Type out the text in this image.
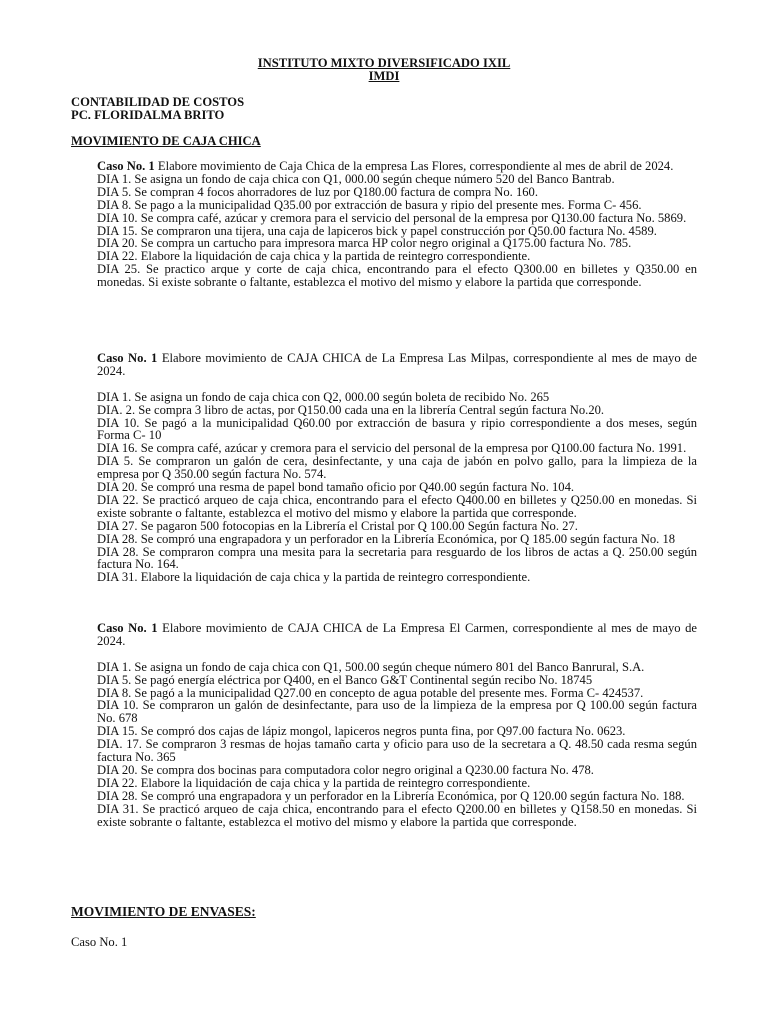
INSTITUTO MIXTO DIVERSIFICADO IXIL
IMDI
CONTABILIDAD DE COSTOS
PC. FLORIDALMA BRITO
MOVIMIENTO DE CAJA CHICA

Caso No. 1 Elabore movimiento de Caja Chica de la empresa Las Flores, correspondiente al mes de abril de 2024.

DIA 1. Se asigna un fondo de caja chica con Q1, 000.00 según cheque número 520 del Banco Bantrab.

DIA 5. Se compran 4 focos ahorradores de luz por Q180.00 factura de compra No. 160.

DIA 8. Se pago a la municipalidad Q35.00 por extracción de basura y ripio del presente mes. Forma C- 456.

DIA 10. Se compra café, azúcar y cremora para el servicio del personal de la empresa por Q130.00 factura No. 5869.

DIA 15. Se compraron una tijera, una caja de lapiceros bick y papel construcción por Q50.00 factura No. 4589.

DIA 20. Se compra un cartucho para impresora marca HP color negro original a Q175.00 factura No. 785.

DIA 22. Elabore la liquidación de caja chica y la partida de reintegro correspondiente.

DIA 25. Se practico arque y corte de caja chica, encontrando para el efecto Q300.00 en billetes y Q350.00 en monedas. Si existe sobrante o faltante, establezca el motivo del mismo y elabore la partida que corresponde.

Caso No. 1 Elabore movimiento de CAJA CHICA de La Empresa Las Milpas, correspondiente al mes de mayo de 2024.

DIA 1. Se asigna un fondo de caja chica con Q2, 000.00 según boleta de recibido No. 265

DIA. 2. Se compra 3 libro de actas, por Q150.00 cada una en la librería Central según factura No.20.

DIA 10. Se pagó a la municipalidad Q60.00 por extracción de basura y ripio correspondiente a dos meses, según Forma C- 10

DIA 16. Se compra café, azúcar y cremora para el servicio del personal de la empresa por Q100.00 factura No. 1991.

DIA 5. Se compraron un galón de cera, desinfectante, y una caja de jabón en polvo gallo, para la limpieza de la empresa por Q 350.00 según factura No. 574.

DIA 20. Se compró una resma de papel bond tamaño oficio por Q40.00 según factura No. 104.

DIA 22. Se practicó arqueo de caja chica, encontrando para el efecto Q400.00 en billetes y Q250.00 en monedas. Si existe sobrante o faltante, establezca el motivo del mismo y elabore la partida que corresponde.

DIA 27. Se pagaron 500 fotocopias en la Librería el Cristal por Q 100.00 Según factura No. 27.

DIA 28. Se compró una engrapadora y un perforador en la Librería Económica, por Q 185.00 según factura No. 18

DIA 28. Se compraron compra una mesita para la secretaria para resguardo de los libros de actas a Q. 250.00 según factura No. 164.

DIA 31. Elabore la liquidación de caja chica y la partida de reintegro correspondiente.

Caso No. 1 Elabore movimiento de CAJA CHICA de La Empresa El Carmen, correspondiente al mes de mayo de 2024.

DIA 1. Se asigna un fondo de caja chica con Q1, 500.00 según cheque número 801 del Banco Banrural, S.A.

DIA 5. Se pagó energía eléctrica por Q400, en el Banco G&T Continental según recibo No. 18745

DIA 8. Se pagó a la municipalidad Q27.00 en concepto de agua potable del presente mes. Forma C- 424537.

DIA 10. Se compraron un galón de desinfectante, para uso de la limpieza de la empresa por Q 100.00 según factura No. 678

DIA 15. Se compró dos cajas de lápiz mongol, lapiceros negros punta fina, por Q97.00 factura No. 0623.

DIA. 17. Se compraron 3 resmas de hojas tamaño carta y oficio para uso de la secretara a Q. 48.50 cada resma según factura No. 365

DIA 20. Se compra dos bocinas para computadora color negro original a Q230.00 factura No. 478.

DIA 22. Elabore la liquidación de caja chica y la partida de reintegro correspondiente.

DIA 28. Se compró una engrapadora y un perforador en la Librería Económica, por Q 120.00 según factura No. 188.

DIA 31. Se practicó arqueo de caja chica, encontrando para el efecto Q200.00 en billetes y Q158.50 en monedas. Si existe sobrante o faltante, establezca el motivo del mismo y elabore la partida que corresponde.

MOVIMIENTO DE ENVASES:
Caso No. 1
